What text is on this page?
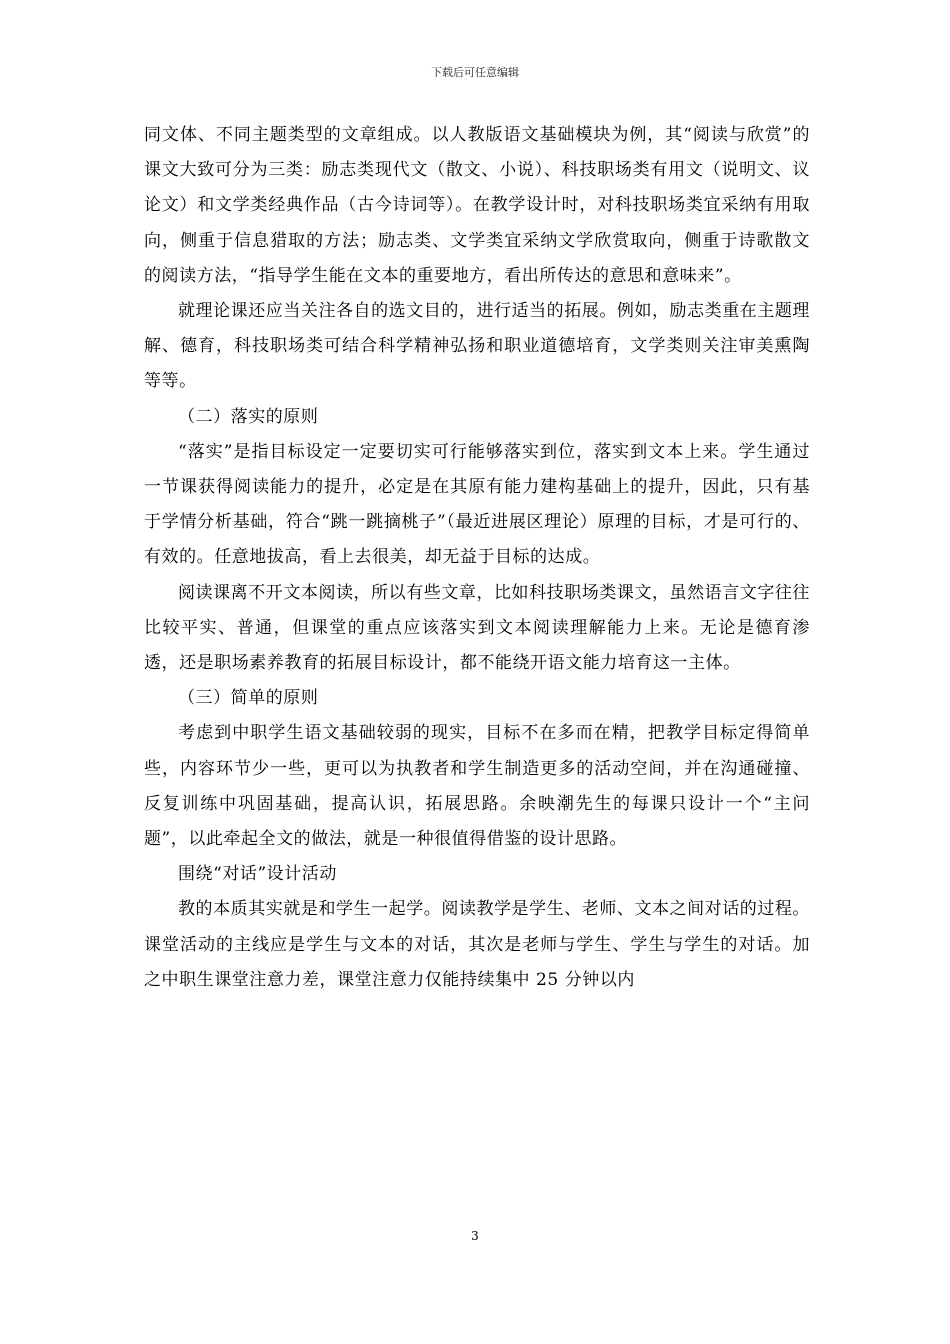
下载后可任意编辑

同文体、不同主题类型的文章组成。以人教版语文基础模块为例，其“阅读与欣赏”的课文大致可分为三类：励志类现代文（散文、小说）、科技职场类有用文（说明文、议论文）和文学类经典作品（古今诗词等）。在教学设计时，对科技职场类宜采纳有用取向，侧重于信息猎取的方法；励志类、文学类宜采纳文学欣赏取向，侧重于诗歌散文的阅读方法，“指导学生能在文本的重要地方，看出所传达的意思和意味来”。

就理论课还应当关注各自的选文目的，进行适当的拓展。例如，励志类重在主题理解、德育，科技职场类可结合科学精神弘扬和职业道德培育，文学类则关注审美熏陶等等。

（二）落实的原则

“落实”是指目标设定一定要切实可行能够落实到位，落实到文本上来。学生通过一节课获得阅读能力的提升，必定是在其原有能力建构基础上的提升，因此，只有基于学情分析基础，符合“跳一跳摘桃子”（最近进展区理论）原理的目标，才是可行的、有效的。任意地拔高，看上去很美，却无益于目标的达成。

阅读课离不开文本阅读，所以有些文章，比如科技职场类课文，虽然语言文字往往比较平实、普通，但课堂的重点应该落实到文本阅读理解能力上来。无论是德育渗透，还是职场素养教育的拓展目标设计，都不能绕开语文能力培育这一主体。

（三）简单的原则

考虑到中职学生语文基础较弱的现实，目标不在多而在精，把教学目标定得简单些，内容环节少一些，更可以为执教者和学生制造更多的活动空间，并在沟通碰撞、反复训练中巩固基础，提高认识，拓展思路。余映潮先生的每课只设计一个“主问题”，以此牵起全文的做法，就是一种很值得借鉴的设计思路。

围绕“对话”设计活动

教的本质其实就是和学生一起学。阅读教学是学生、老师、文本之间对话的过程。课堂活动的主线应是学生与文本的对话，其次是老师与学生、学生与学生的对话。加之中职生课堂注意力差，课堂注意力仅能持续集中 25 分钟以内

3
